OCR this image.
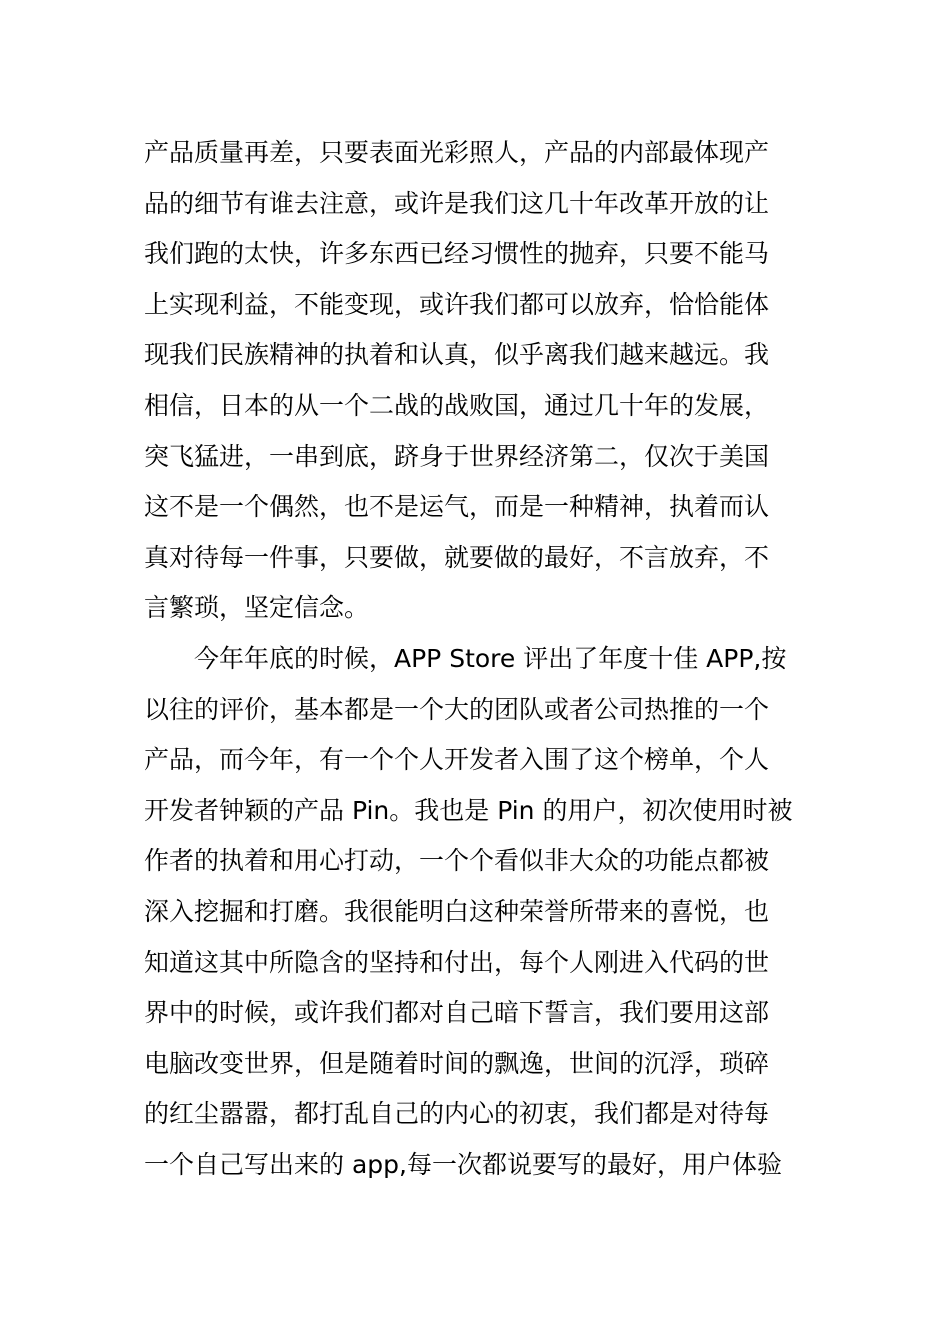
产品质量再差，只要表面光彩照人，产品的内部最体现产
品的细节有谁去注意，或许是我们这几十年改革开放的让
我们跑的太快，许多东西已经习惯性的抛弃，只要不能马
上实现利益，不能变现，或许我们都可以放弃，恰恰能体
现我们民族精神的执着和认真，似乎离我们越来越远。我
相信，日本的从一个二战的战败国，通过几十年的发展，
突飞猛进，一串到底，跻身于世界经济第二，仅次于美国
这不是一个偶然，也不是运气，而是一种精神，执着而认
真对待每一件事，只要做，就要做的最好，不言放弃，不
言繁琐，坚定信念。
今年年底的时候，APP Store 评出了年度十佳 APP,按
以往的评价，基本都是一个大的团队或者公司热推的一个
产品，而今年，有一个个人开发者入围了这个榜单，个人
开发者钟颖的产品 Pin。我也是 Pin 的用户，初次使用时被
作者的执着和用心打动，一个个看似非大众的功能点都被
深入挖掘和打磨。我很能明白这种荣誉所带来的喜悦，也
知道这其中所隐含的坚持和付出，每个人刚进入代码的世
界中的时候，或许我们都对自己暗下誓言，我们要用这部
电脑改变世界，但是随着时间的飘逸，世间的沉浮，琐碎
的红尘嚣嚣，都打乱自己的内心的初衷，我们都是对待每
一个自己写出来的 app,每一次都说要写的最好，用户体验
